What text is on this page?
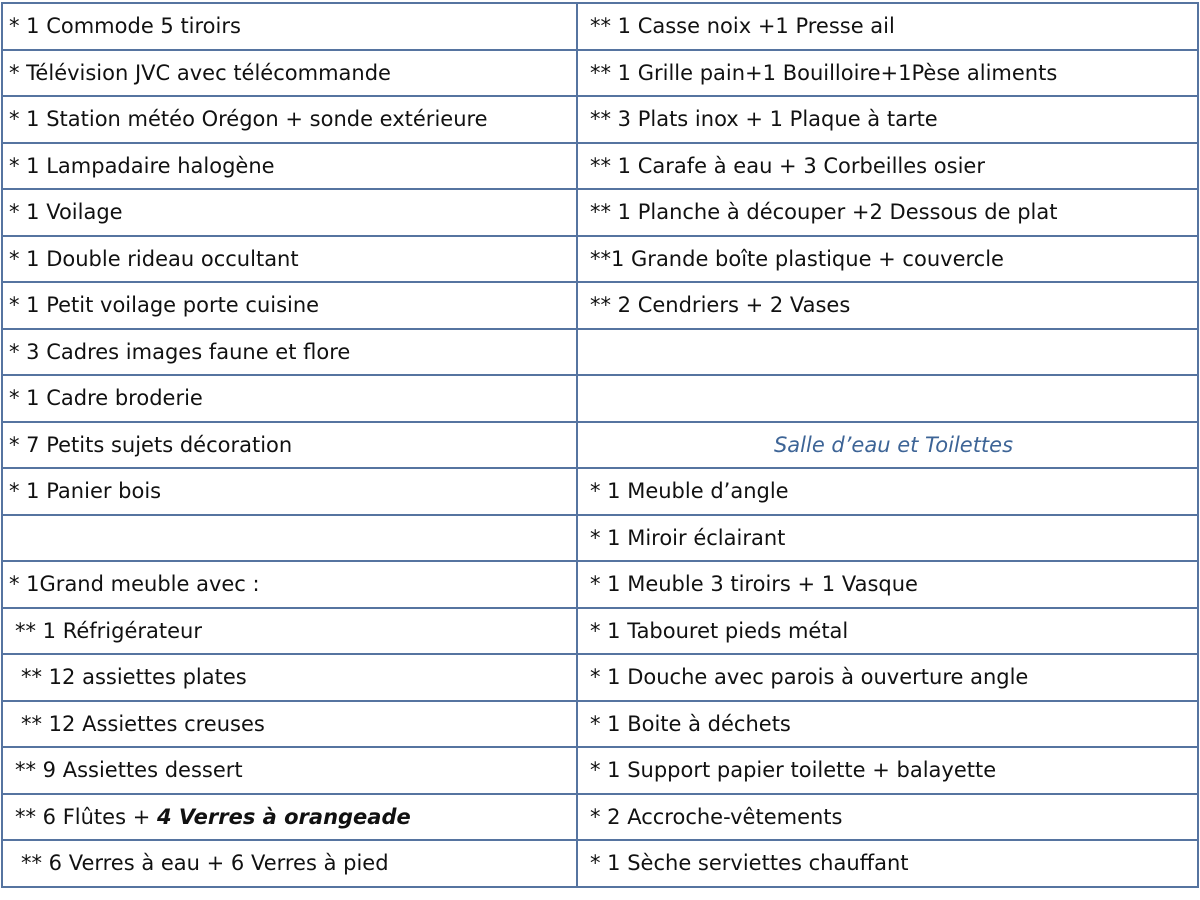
* 1 Commode 5 tiroirs	** 1 Casse noix +1 Presse ail
* Télévision JVC avec télécommande	** 1 Grille pain+1 Bouilloire+1Pèse aliments
* 1 Station météo Orégon + sonde extérieure	** 3 Plats inox + 1 Plaque à tarte
* 1 Lampadaire halogène	** 1 Carafe à eau + 3 Corbeilles osier
* 1 Voilage	** 1 Planche à découper +2 Dessous de plat
* 1 Double rideau occultant	**1 Grande boîte plastique + couvercle
* 1 Petit voilage porte cuisine	** 2 Cendriers + 2 Vases
* 3 Cadres images faune et flore	
* 1 Cadre broderie	
* 7 Petits sujets décoration	Salle d’eau et Toilettes
* 1 Panier bois	* 1 Meuble d’angle
	* 1 Miroir éclairant
* 1Grand meuble avec :	* 1 Meuble 3 tiroirs + 1 Vasque
** 1 Réfrigérateur	* 1 Tabouret pieds métal
** 12 assiettes plates	* 1 Douche avec parois à ouverture angle
** 12 Assiettes creuses	* 1 Boite à déchets
** 9 Assiettes dessert	* 1 Support papier toilette + balayette
** 6 Flûtes + 4 Verres à orangeade	* 2 Accroche-vêtements
** 6 Verres à eau + 6 Verres à pied	* 1 Sèche serviettes chauffant
